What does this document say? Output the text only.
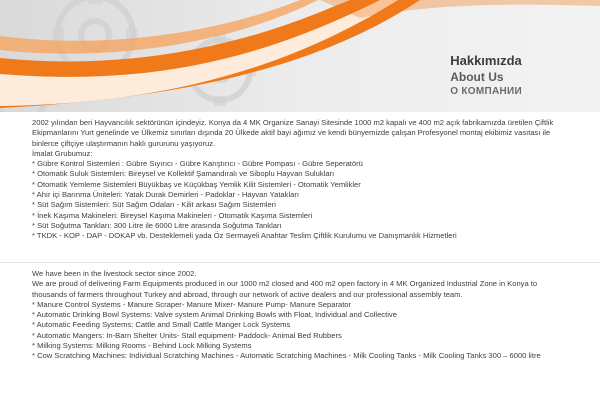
Hakkımızda
About Us
О КОМПАНИИ

2002 yılından beri Hayvancılık sektörünün içindeyiz. Konya da 4 MK Organize Sanayi Sitesinde 1000 m2 kapalı ve 400 m2 açık fabrikamızda üretilen Çiftlik Ekipmanlarını Yurt genelinde ve Ülkemiz sınırları dışında 20 Ülkede aktif bayi ağımız ve kendi bünyemizde çalışan Profesyonel montaj ekibimiz vasıtası ile binlerce çiftçiye ulaştırmanın haklı gururunu yaşıyoruz.

İmalat Grubumuz:

* Gübre Kontrol Sistemleri : Gübre Sıyırıcı - Gübre Karıştırıcı - Gübre Pompası - Gübre Seperatörü

* Otomatik Suluk Sistemleri: Bireysel ve Kollektif Şamandıralı ve Siboplu Hayvan Sulukları

* Otomatik Yemleme Sistemleri Büyükbaş ve Küçükbaş Yemlik Kilit Sistemleri - Otomatik Yemlikler

* Ahır içi Barınma Üniteleri: Yatak Durak Demirleri - Padoklar - Hayvan Yatakları

* Süt Sağım Sistemleri: Süt Sağım Odaları - Kilit arkası Sağım Sistemleri

* İnek Kaşıma Makineleri: Bireysel Kaşıma Makineleri - Otomatik Kaşıma Sistemleri

* Süt Soğutma Tankları: 300 Litre ile 6000 Litre arasında Soğutma Tankları

* TKDK - KOP - DAP - DOKAP vb. Desteklemeli yada Öz Sermayeli Anahtar Teslim Çiftlik Kurulumu ve Danışmanlık Hizmetleri

We have been in the livestock sector since 2002.

We are proud of delivering Farm Equipments produced in our 1000 m2 closed and 400 m2 open factory in 4 MK Organized Industrial Zone in Konya to thousands of farmers throughout Turkey and abroad, through our network of active dealers and our professional assembly team.

* Manure Control Systems - Manure Scraper- Manure Mixer- Manure Pump- Manure Separator

* Automatic Drinking Bowl Systems: Valve system Animal Drinking Bowls with Float, Individual and Collective

* Automatic Feeding Systems: Cattle and Small Cattle Manger Lock Systems

* Automatic Mangers: In-Barn Shelter Units- Stall equipment- Paddock- Animal Bed Rubbers

* Milking Systems: Milking Rooms - Behind Lock Milking Systems

* Cow Scratching Machines: Individual Scratching Machines - Automatic Scratching Machines - Milk Cooling Tanks - Milk Cooling Tanks 300 – 6000 litre
